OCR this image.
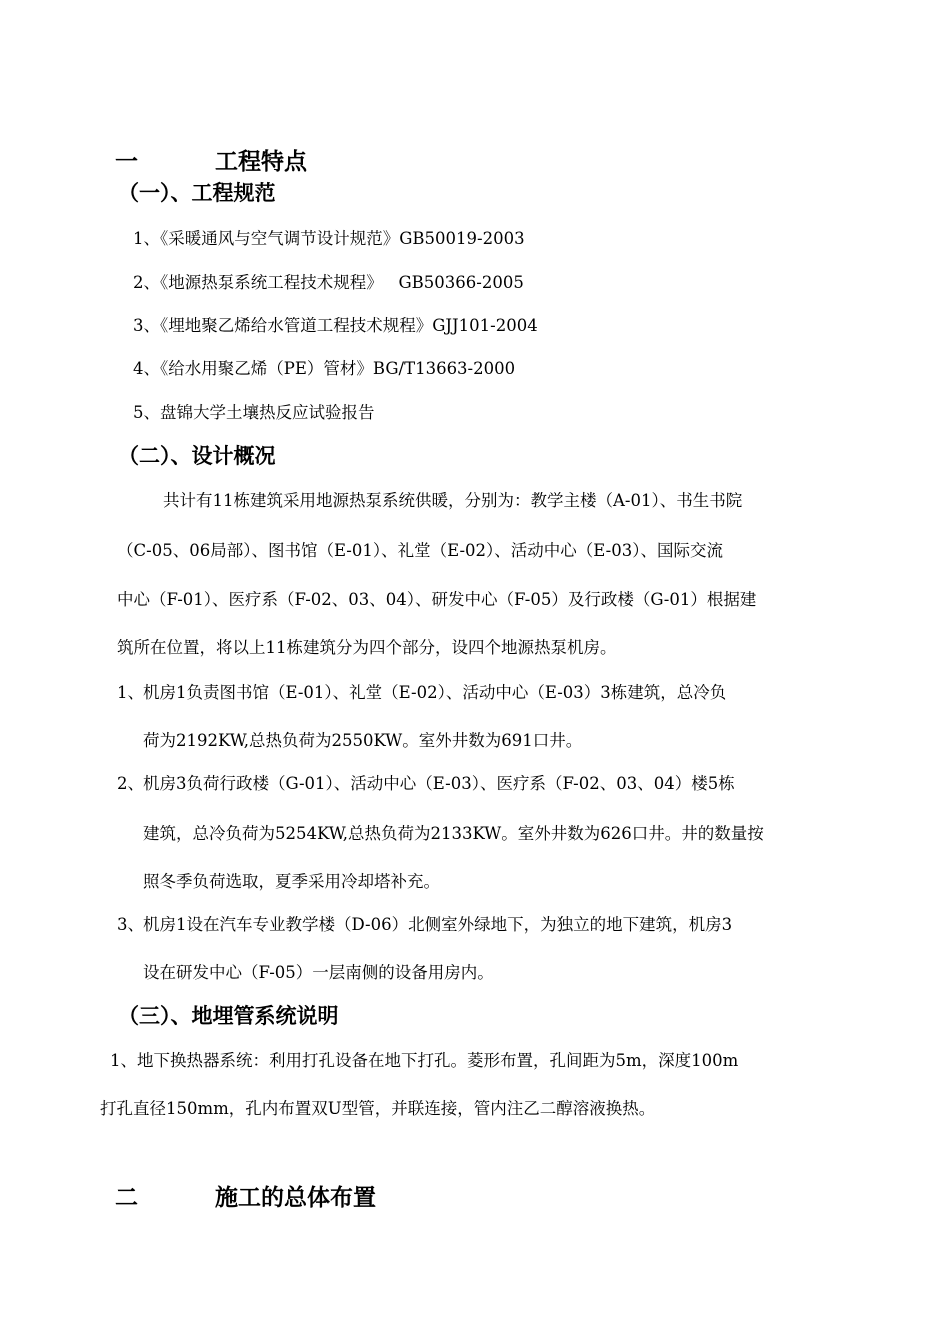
一	工程特点
（一）、工程规范
1、《采暖通风与空气调节设计规范》GB50019-2003
2、《地源热泵系统工程技术规程》   GB50366-2005
3、《埋地聚乙烯给水管道工程技术规程》GJJ101-2004
4、《给水用聚乙烯（PE）管材》BG/T13663-2000
5、盘锦大学土壤热反应试验报告
（二）、设计概况
共计有11栋建筑采用地源热泵系统供暖，分别为：教学主楼（A-01）、书生书院
（C-05、06局部）、图书馆（E-01）、礼堂（E-02）、活动中心（E-03）、国际交流
中心（F-01）、医疗系（F-02、03、04）、研发中心（F-05）及行政楼（G-01）根据建
筑所在位置，将以上11栋建筑分为四个部分，设四个地源热泵机房。
1、 机房1负责图书馆（E-01）、礼堂（E-02）、活动中心（E-03）3栋建筑，总冷负
荷为2192KW,总热负荷为2550KW。室外井数为691口井。
2、 机房3负荷行政楼（G-01）、活动中心（E-03）、医疗系（F-02、03、04）楼5栋
建筑，总冷负荷为5254KW,总热负荷为2133KW。室外井数为626口井。井的数量按
照冬季负荷选取，夏季采用冷却塔补充。
3、 机房1设在汽车专业教学楼（D-06）北侧室外绿地下，为独立的地下建筑，机房3
设在研发中心（F-05）一层南侧的设备用房内。
（三）、地埋管系统说明
1、地下换热器系统：利用打孔设备在地下打孔。菱形布置，孔间距为5m，深度100m
打孔直径150mm，孔内布置双U型管，并联连接，管内注乙二醇溶液换热。
二	施工的总体布置
